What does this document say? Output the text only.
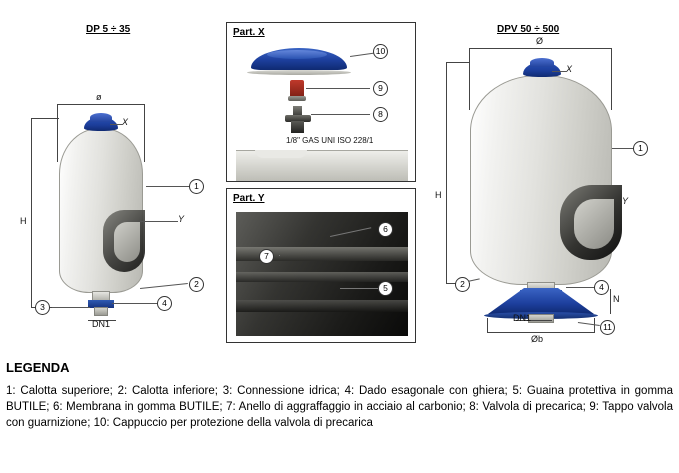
DP 5 ÷ 35
ø
H
DN1
X
Y
1
2
3	4
Part. X
10
9
8
1/8" GAS UNI ISO 228/1
Part. Y
6
7
5
DPV 50 ÷ 500
Ø
H
X
Y
DN1
Øb
N
1
2	4
11
LEGENDA

1: Calotta superiore; 2: Calotta inferiore; 3: Connessione idrica; 4: Dado esagonale con ghiera; 5: Guaina protettiva in gomma BUTILE; 6: Membrana in gomma BUTILE; 7: Anello di aggraffaggio in acciaio al carbonio; 8: Valvola di precarica; 9: Tappo valvola con guarnizione; 10: Cappuccio per protezione della valvola di precarica
